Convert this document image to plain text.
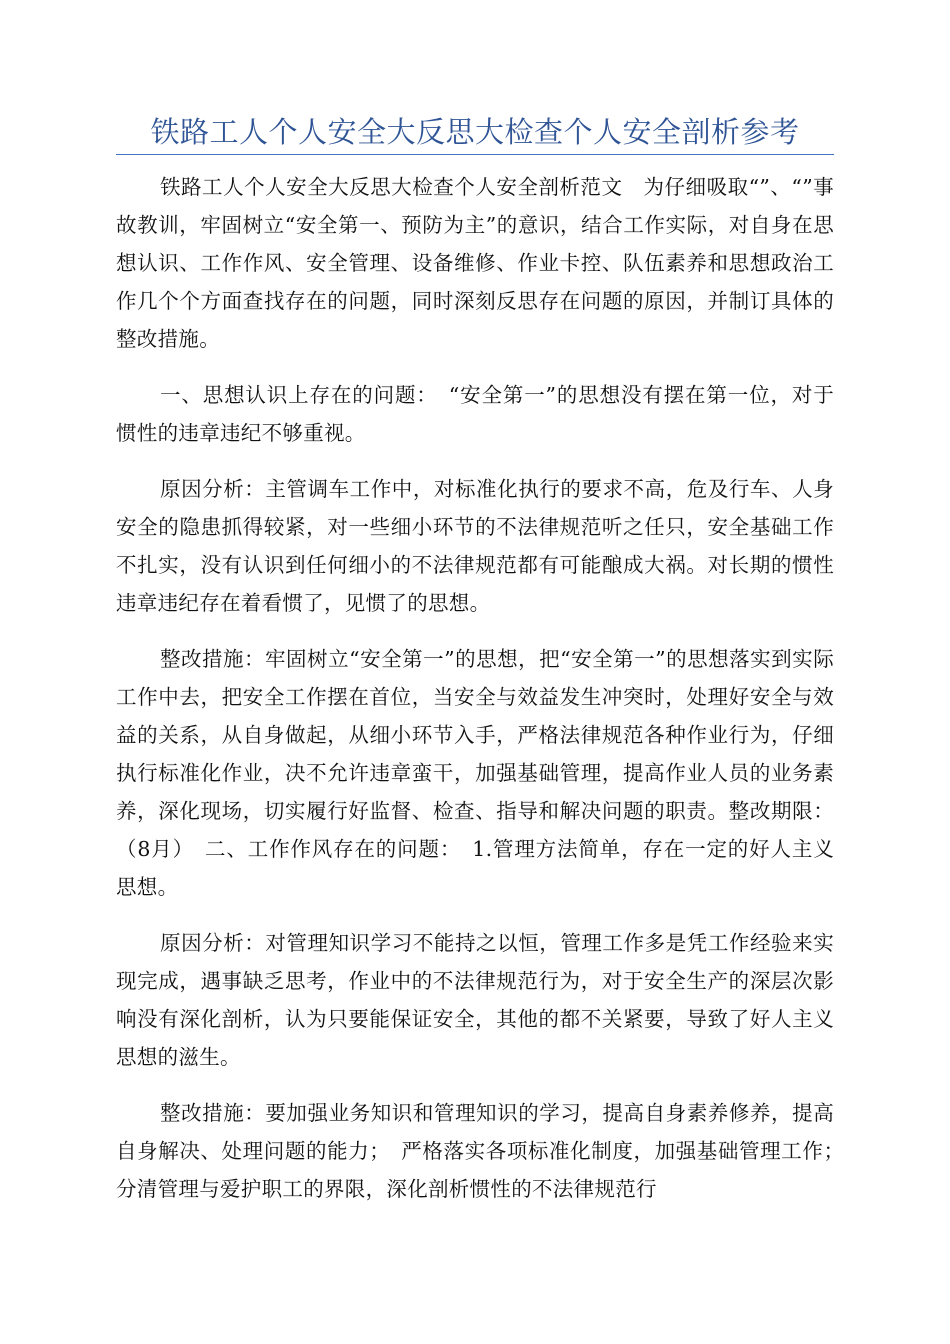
铁路工人个人安全大反思大检查个人安全剖析参考

铁路工人个人安全大反思大检查个人安全剖析范文　为仔细吸取“”、“”事故教训，牢固树立“安全第一、预防为主”的意识，结合工作实际，对自身在思想认识、工作作风、安全管理、设备维修、作业卡控、队伍素养和思想政治工作几个个方面查找存在的问题，同时深刻反思存在问题的原因，并制订具体的整改措施。

一、思想认识上存在的问题：　“安全第一”的思想没有摆在第一位，对于惯性的违章违纪不够重视。

原因分析：主管调车工作中，对标准化执行的要求不高，危及行车、人身安全的隐患抓得较紧，对一些细小环节的不法律规范听之任只，安全基础工作不扎实，没有认识到任何细小的不法律规范都有可能酿成大祸。对长期的惯性违章违纪存在着看惯了，见惯了的思想。

整改措施：牢固树立“安全第一”的思想，把“安全第一”的思想落实到实际工作中去，把安全工作摆在首位，当安全与效益发生冲突时，处理好安全与效益的关系，从自身做起，从细小环节入手，严格法律规范各种作业行为，仔细执行标准化作业，决不允许违章蛮干，加强基础管理，提高作业人员的业务素养，深化现场，切实履行好监督、检查、指导和解决问题的职责。整改期限：（8月）　二、工作作风存在的问题：　1.管理方法简单，存在一定的好人主义思想。

原因分析：对管理知识学习不能持之以恒，管理工作多是凭工作经验来实现完成，遇事缺乏思考，作业中的不法律规范行为，对于安全生产的深层次影响没有深化剖析，认为只要能保证安全，其他的都不关紧要，导致了好人主义思想的滋生。

整改措施：要加强业务知识和管理知识的学习，提高自身素养修养，提高自身解决、处理问题的能力；　严格落实各项标准化制度，加强基础管理工作；　分清管理与爱护职工的界限，深化剖析惯性的不法律规范行
